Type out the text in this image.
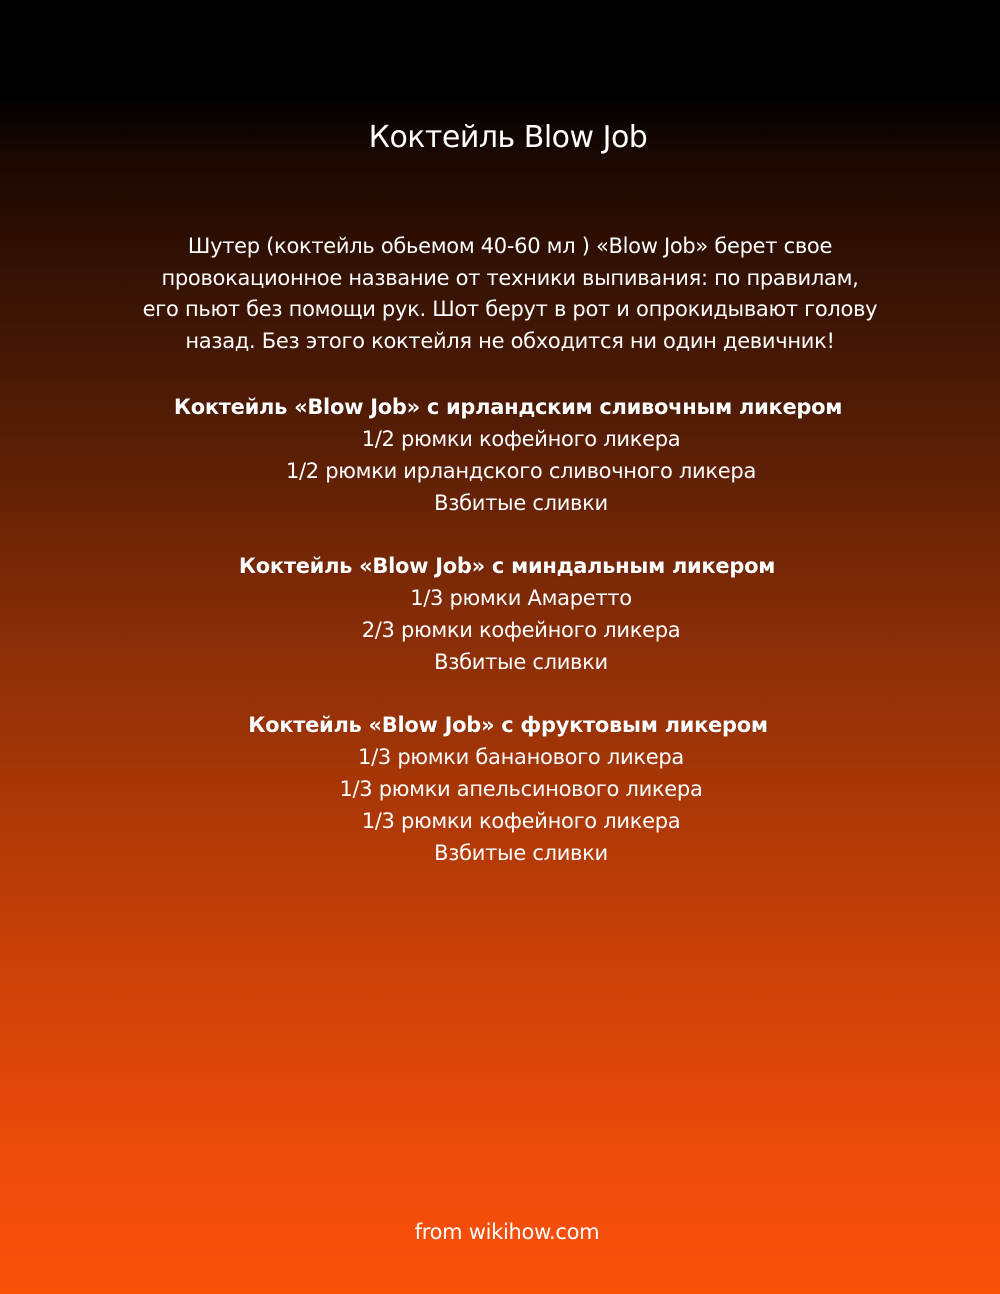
Коктейль Blow Job

Шутер (коктейль обьемом 40-60 мл ) «Blow Job» берет свое
провокационное название от техники выпивания: по правилам,
его пьют без помощи рук. Шот берут в рот и опрокидывают голову
назад. Без этого коктейля не обходится ни один девичник!

Коктейль «Blow Job» с ирландским сливочным ликером
1/2 рюмки кофейного ликера
1/2 рюмки ирландского сливочного ликера
Взбитые сливки
Коктейль «Blow Job» с миндальным ликером
1/3 рюмки Амаретто
2/3 рюмки кофейного ликера
Взбитые сливки
Коктейль «Blow Job» с фруктовым ликером
1/3 рюмки бананового ликера
1/3 рюмки апельсинового ликера
1/3 рюмки кофейного ликера
Взбитые сливки
from wikihow.com
